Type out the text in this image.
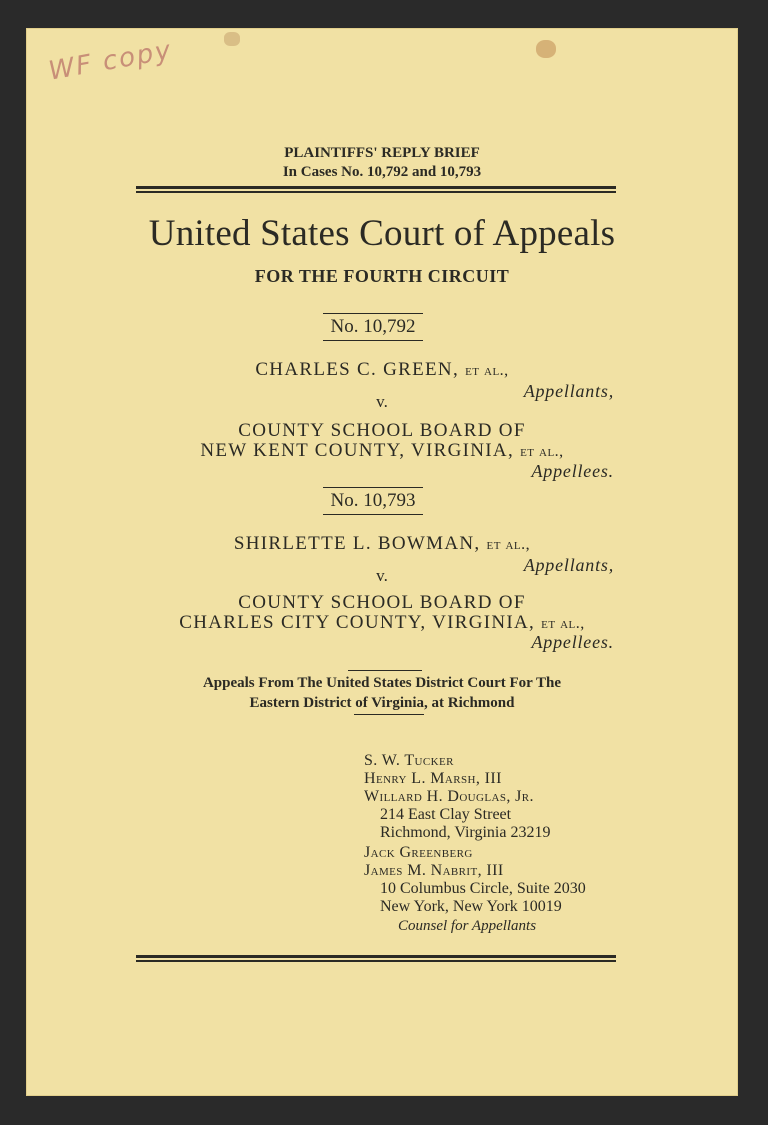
WF copy
PLAINTIFFS' REPLY BRIEF
In Cases No. 10,792 and 10,793
United States Court of Appeals
FOR THE FOURTH CIRCUIT
No. 10,792
CHARLES C. GREEN, et al.,
Appellants,
v.
COUNTY SCHOOL BOARD OF
NEW KENT COUNTY, VIRGINIA, et al.,
Appellees.
No. 10,793
SHIRLETTE L. BOWMAN, et al.,
Appellants,
v.
COUNTY SCHOOL BOARD OF
CHARLES CITY COUNTY, VIRGINIA, et al.,
Appellees.
Appeals From The United States District Court For The
Eastern District of Virginia, at Richmond
S. W. Tucker
Henry L. Marsh, III
Willard H. Douglas, Jr.
214 East Clay Street
Richmond, Virginia 23219
Jack Greenberg
James M. Nabrit, III
10 Columbus Circle, Suite 2030
New York, New York 10019
Counsel for Appellants
